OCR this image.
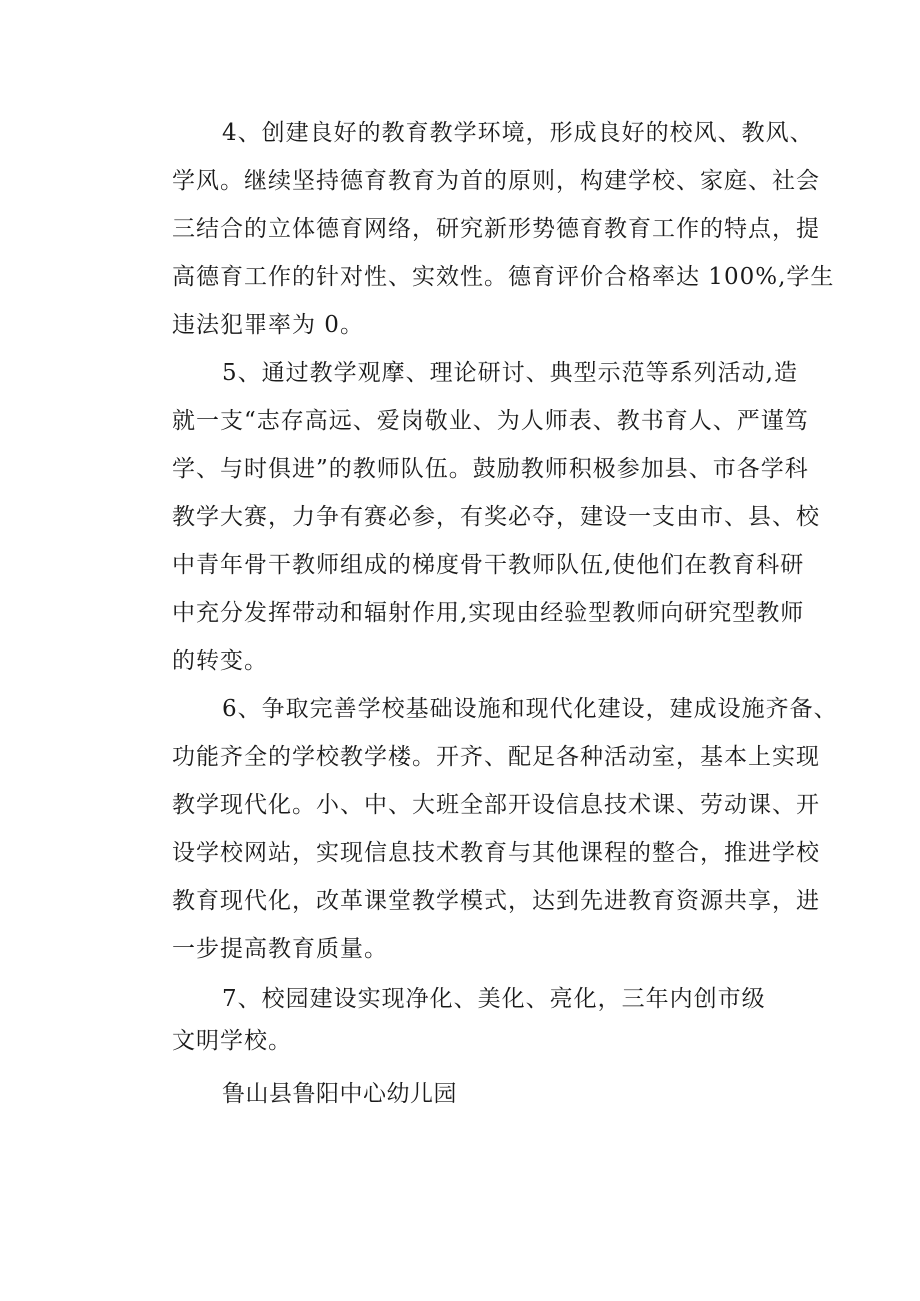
4、创建良好的教育教学环境，形成良好的校风、教风、
学风。继续坚持德育教育为首的原则，构建学校、家庭、社会
三结合的立体德育网络，研究新形势德育教育工作的特点，提
高德育工作的针对性、实效性。德育评价合格率达 100%,学生
违法犯罪率为 0。
5、通过教学观摩、理论研讨、典型示范等系列活动,造
就一支“志存高远、爱岗敬业、为人师表、教书育人、严谨笃
学、与时俱进”的教师队伍。鼓励教师积极参加县、市各学科
教学大赛，力争有赛必参，有奖必夺，建设一支由市、县、校
中青年骨干教师组成的梯度骨干教师队伍,使他们在教育科研
中充分发挥带动和辐射作用,实现由经验型教师向研究型教师
的转变。
6、争取完善学校基础设施和现代化建设，建成设施齐备、
功能齐全的学校教学楼。开齐、配足各种活动室，基本上实现
教学现代化。小、中、大班全部开设信息技术课、劳动课、开
设学校网站，实现信息技术教育与其他课程的整合，推进学校
教育现代化，改革课堂教学模式，达到先进教育资源共享，进
一步提高教育质量。
7、校园建设实现净化、美化、亮化，三年内创市级
文明学校。
鲁山县鲁阳中心幼儿园
